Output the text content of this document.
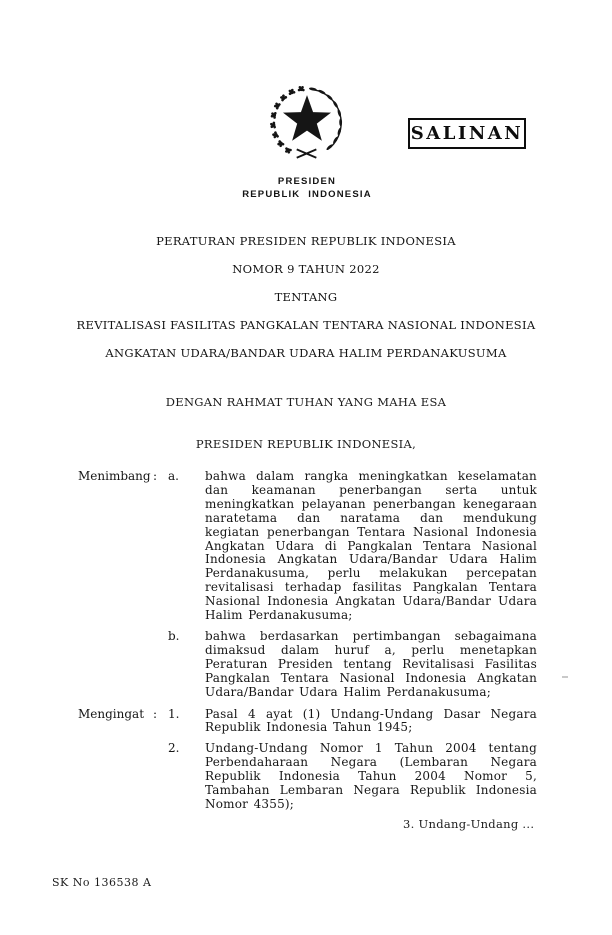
SALINAN
PRESIDEN
REPUBLIK INDONESIA
PERATURAN PRESIDEN REPUBLIK INDONESIA
NOMOR 9 TAHUN 2022
TENTANG
REVITALISASI FASILITAS PANGKALAN TENTARA NASIONAL INDONESIA
ANGKATAN UDARA/BANDAR UDARA HALIM PERDANAKUSUMA
DENGAN RAHMAT TUHAN YANG MAHA ESA
PRESIDEN REPUBLIK INDONESIA,
Menimbang : a.	bahwa dalam rangka meningkatkan keselamatan dan keamanan penerbangan serta untuk meningkatkan pelayanan penerbangan kenegaraan naratetama dan naratama dan mendukung kegiatan penerbangan Tentara Nasional Indonesia Angkatan Udara di Pangkalan Tentara Nasional Indonesia Angkatan Udara/Bandar Udara Halim Perdanakusuma, perlu melakukan percepatan revitalisasi terhadap fasilitas Pangkalan Tentara Nasional Indonesia Angkatan Udara/Bandar Udara Halim Perdanakusuma;
b.	bahwa berdasarkan pertimbangan sebagaimana dimaksud dalam huruf a, perlu menetapkan Peraturan Presiden tentang Revitalisasi Fasilitas Pangkalan Tentara Nasional Indonesia Angkatan Udara/Bandar Udara Halim Perdanakusuma;
Mengingat : 1.	Pasal 4 ayat (1) Undang-Undang Dasar Negara Republik Indonesia Tahun 1945;
2.	Undang-Undang Nomor 1 Tahun 2004 tentang Perbendaharaan Negara (Lembaran Negara Republik Indonesia Tahun 2004 Nomor 5, Tambahan Lembaran Negara Republik Indonesia Nomor 4355);
3. Undang-Undang ...
SK No 136538 A
